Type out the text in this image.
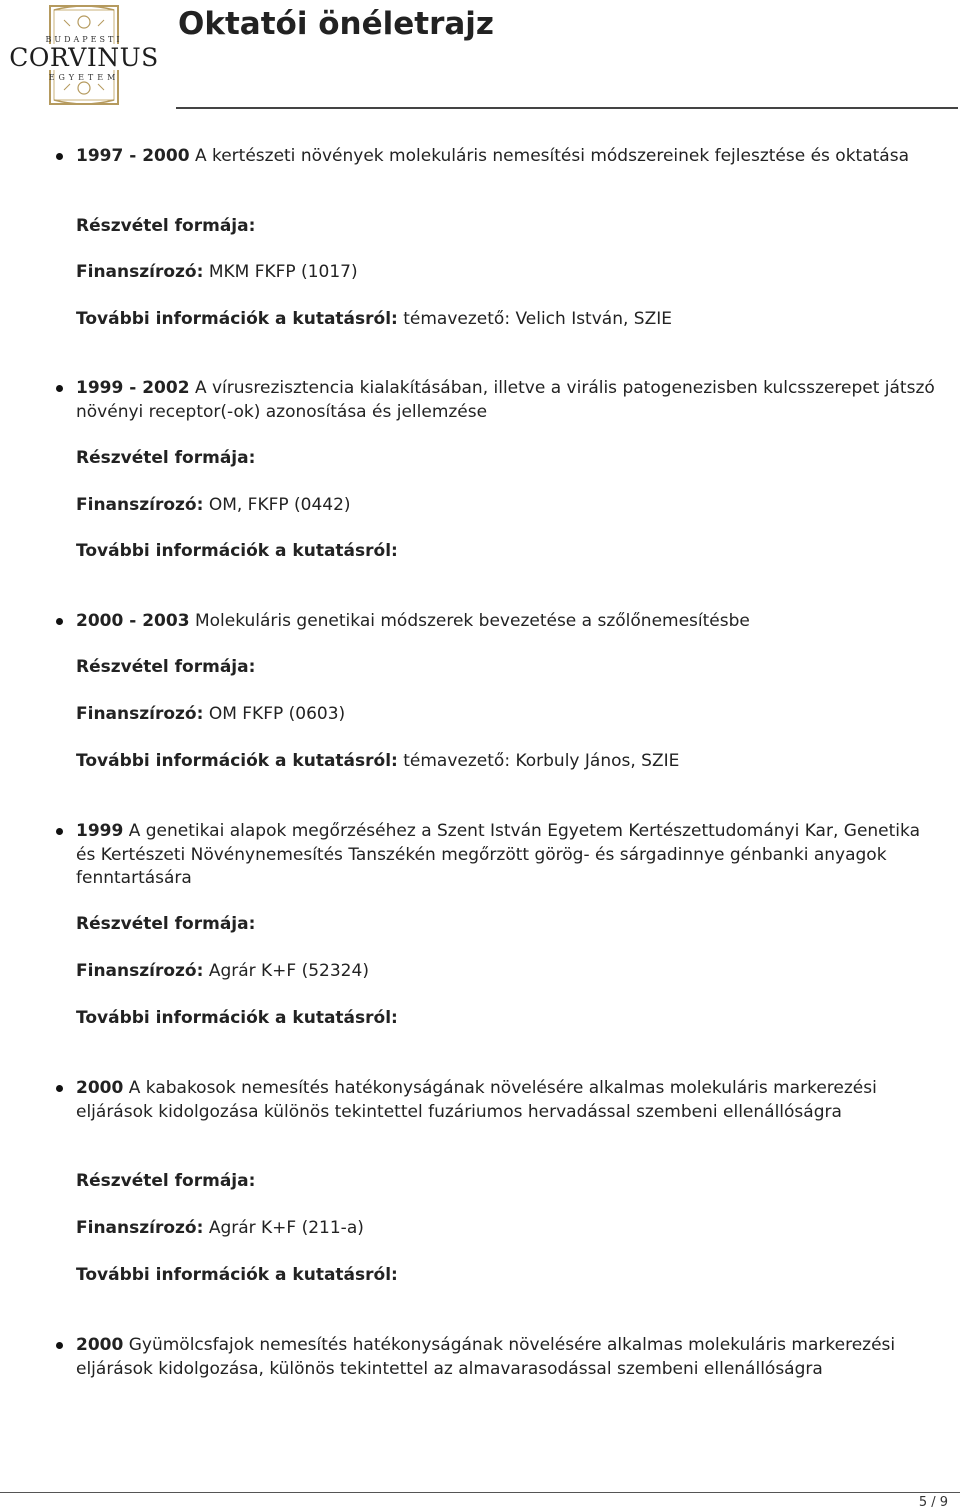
BUDAPESTI
CORVINUS
EGYETEM
Oktatói önéletrajz
1997 - 2000 A kertészeti növények molekuláris nemesítési módszereinek fejlesztése és oktatása
Részvétel formája:
Finanszírozó: MKM FKFP (1017)
További információk a kutatásról: témavezető: Velich István, SZIE
1999 - 2002 A vírusrezisztencia kialakításában, illetve a virális patogenezisben kulcsszerepet játszó növényi receptor(-ok) azonosítása és jellemzése
Részvétel formája:
Finanszírozó: OM, FKFP (0442)
További információk a kutatásról:
2000 - 2003 Molekuláris genetikai módszerek bevezetése a szőlőnemesítésbe
Részvétel formája:
Finanszírozó: OM FKFP (0603)
További információk a kutatásról: témavezető: Korbuly János, SZIE
1999 A genetikai alapok megőrzéséhez a Szent István Egyetem Kertészettudományi Kar, Genetika és Kertészeti Növénynemesítés Tanszékén megőrzött görög- és sárgadinnye génbanki anyagok fenntartására
Részvétel formája:
Finanszírozó: Agrár K+F (52324)
További információk a kutatásról:
2000 A kabakosok nemesítés hatékonyságának növelésére alkalmas molekuláris markerezési eljárások kidolgozása különös tekintettel fuzáriumos hervadással szembeni ellenállóságra
Részvétel formája:
Finanszírozó: Agrár K+F (211-a)
További információk a kutatásról:
2000 Gyümölcsfajok nemesítés hatékonyságának növelésére alkalmas molekuláris markerezési eljárások kidolgozása, különös tekintettel az almavarasodással szembeni ellenállóságra
5 / 9
